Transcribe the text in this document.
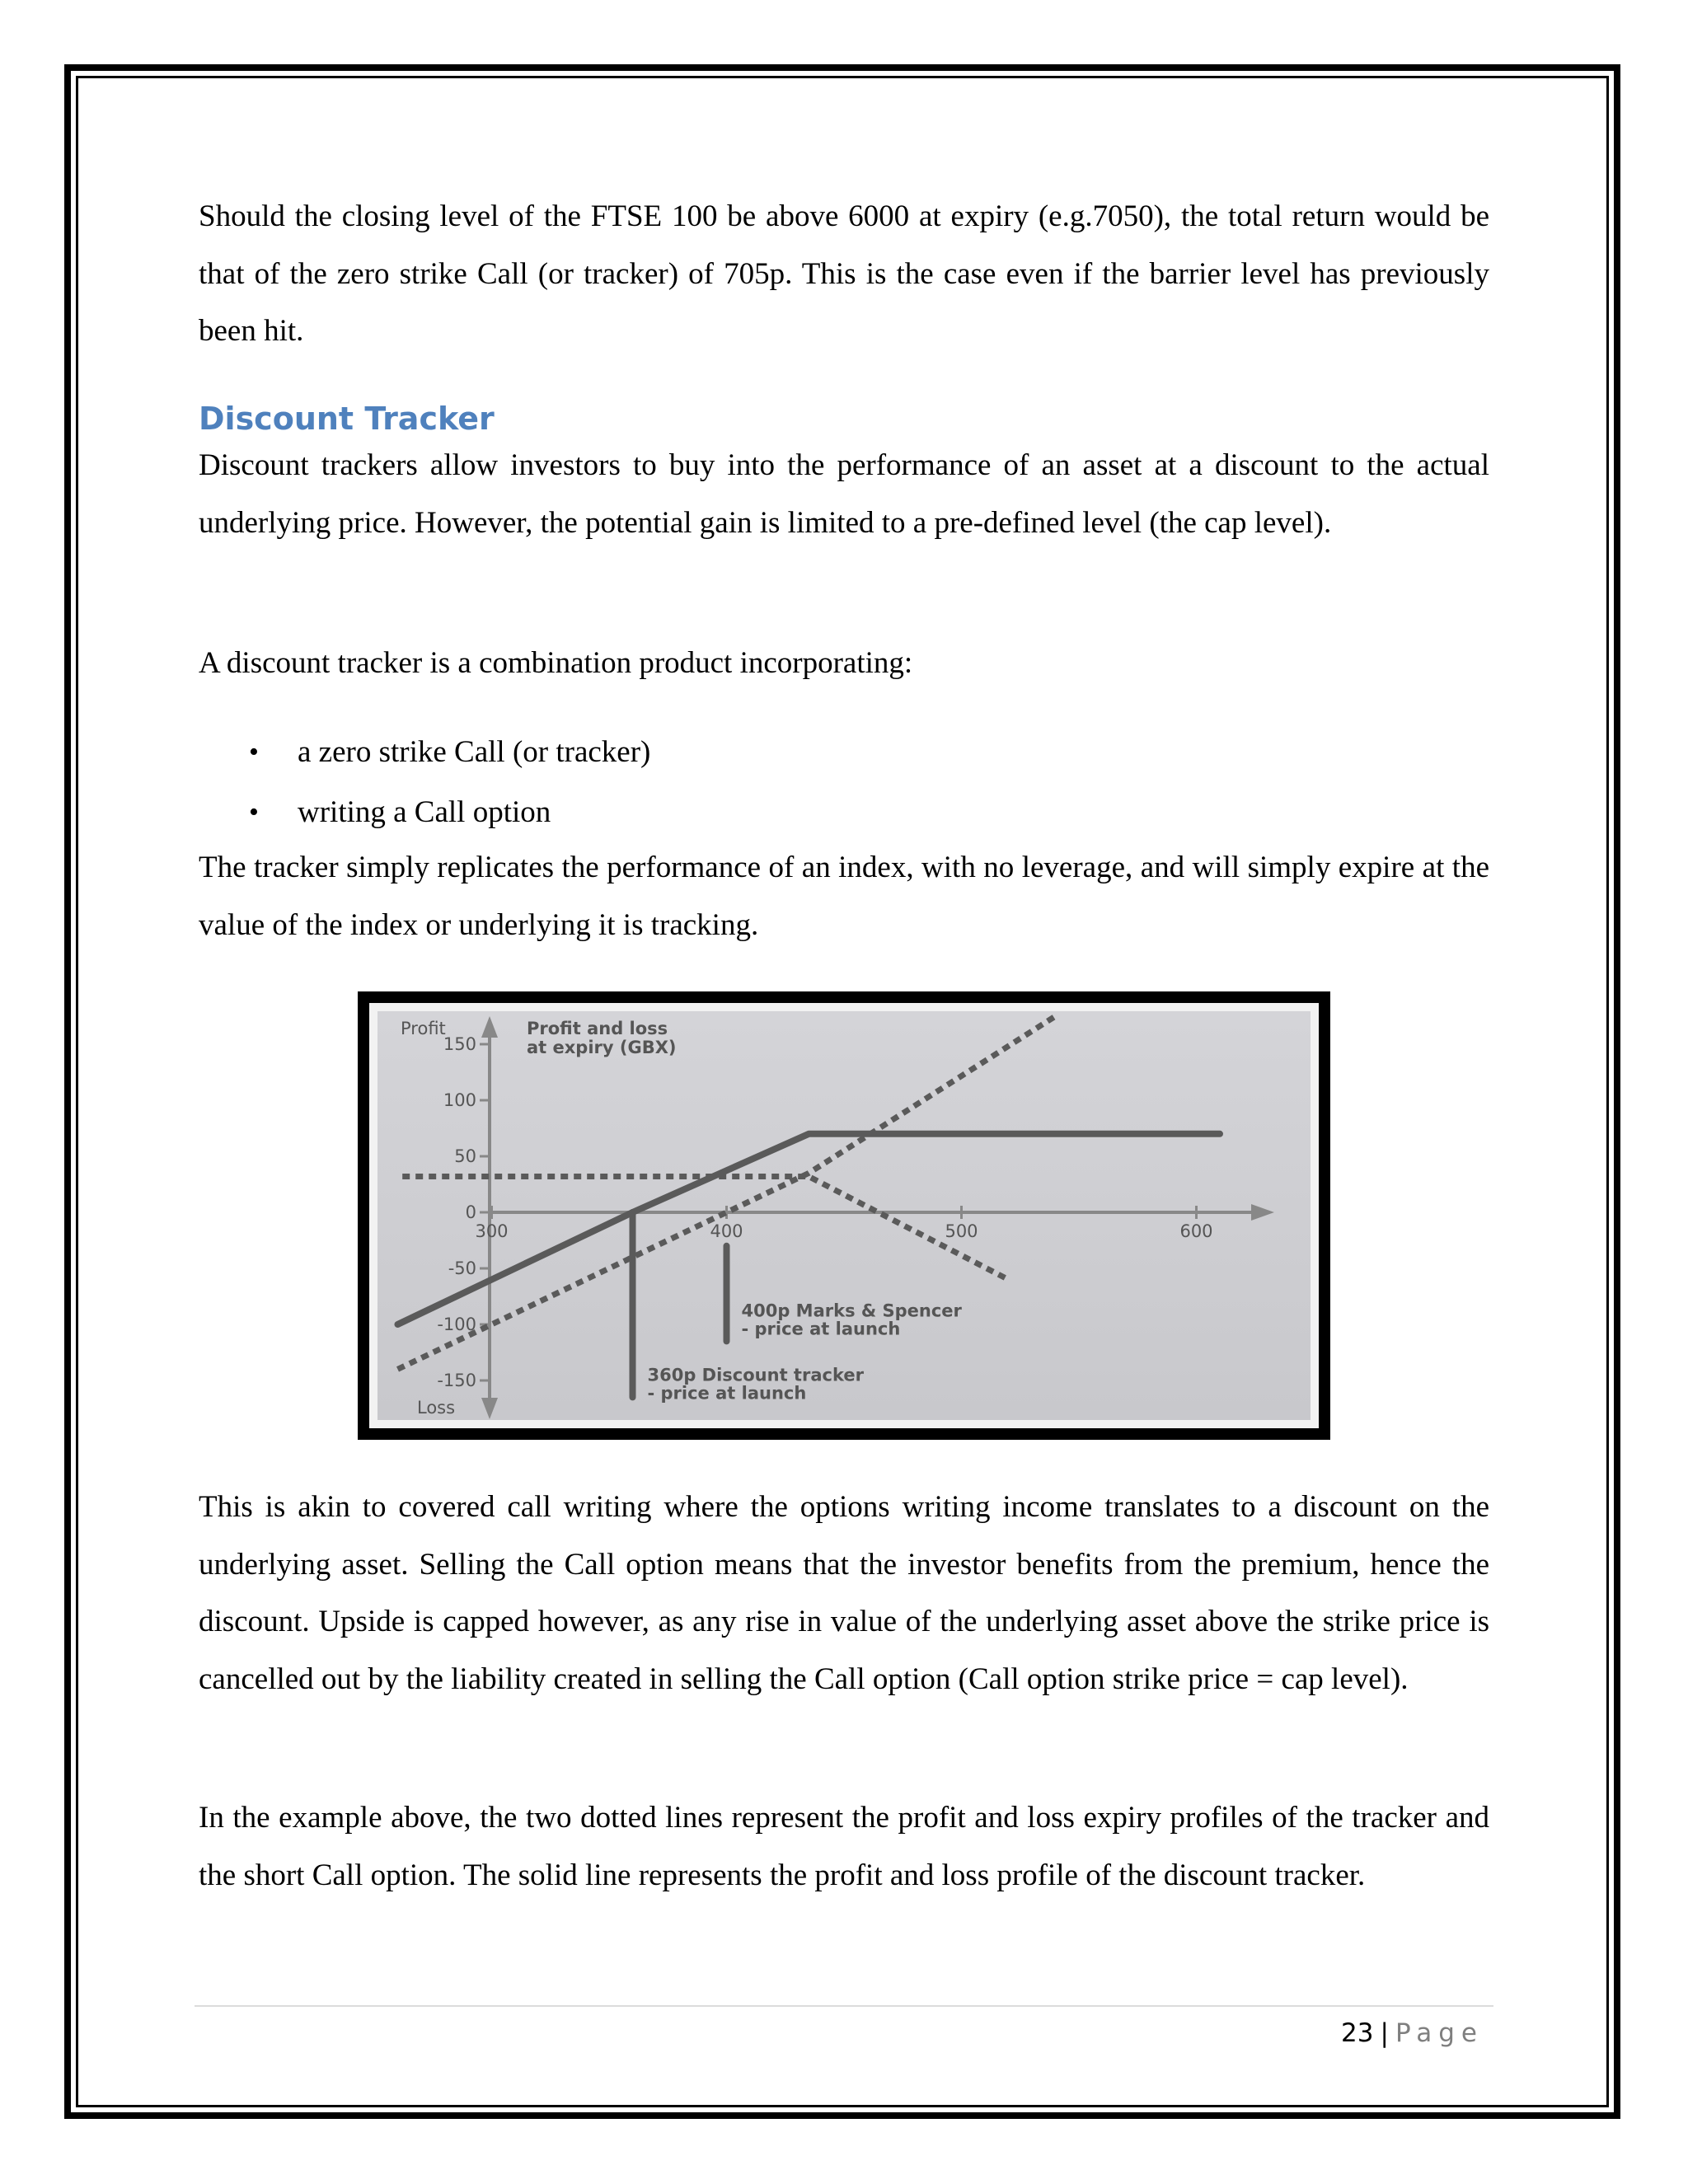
Should the closing level of the FTSE 100 be above 6000 at expiry (e.g.7050), the total return would be that of the zero strike Call (or tracker) of 705p. This is the case even if the barrier level has previously been hit.

Discount Tracker

Discount trackers allow investors to buy into the performance of an asset at a discount to the actual underlying price. However, the potential gain is limited to a pre-defined level (the cap level).

A discount tracker is a combination product incorporating:

• a zero strike Call (or tracker)
• writing a Call option

The tracker simply replicates the performance of an index, with no leverage, and will simply expire at the value of the index or underlying it is tracking.

150
100
50
0
-50
-100
-150
300	400	500	600
400p Marks & Spencer
- price at launch
360p Discount tracker
- price at launch
Profit and loss
at expiry (GBX)
Profit
Loss

This is akin to covered call writing where the options writing income translates to a discount on the underlying asset. Selling the Call option means that the investor benefits from the premium, hence the discount. Upside is capped however, as any rise in value of the underlying asset above the strike price is cancelled out by the liability created in selling the Call option (Call option strike price = cap level).

In the example above, the two dotted lines represent the profit and loss expiry profiles of the tracker and the short Call option. The solid line represents the profit and loss profile of the discount tracker.

23 | Page
